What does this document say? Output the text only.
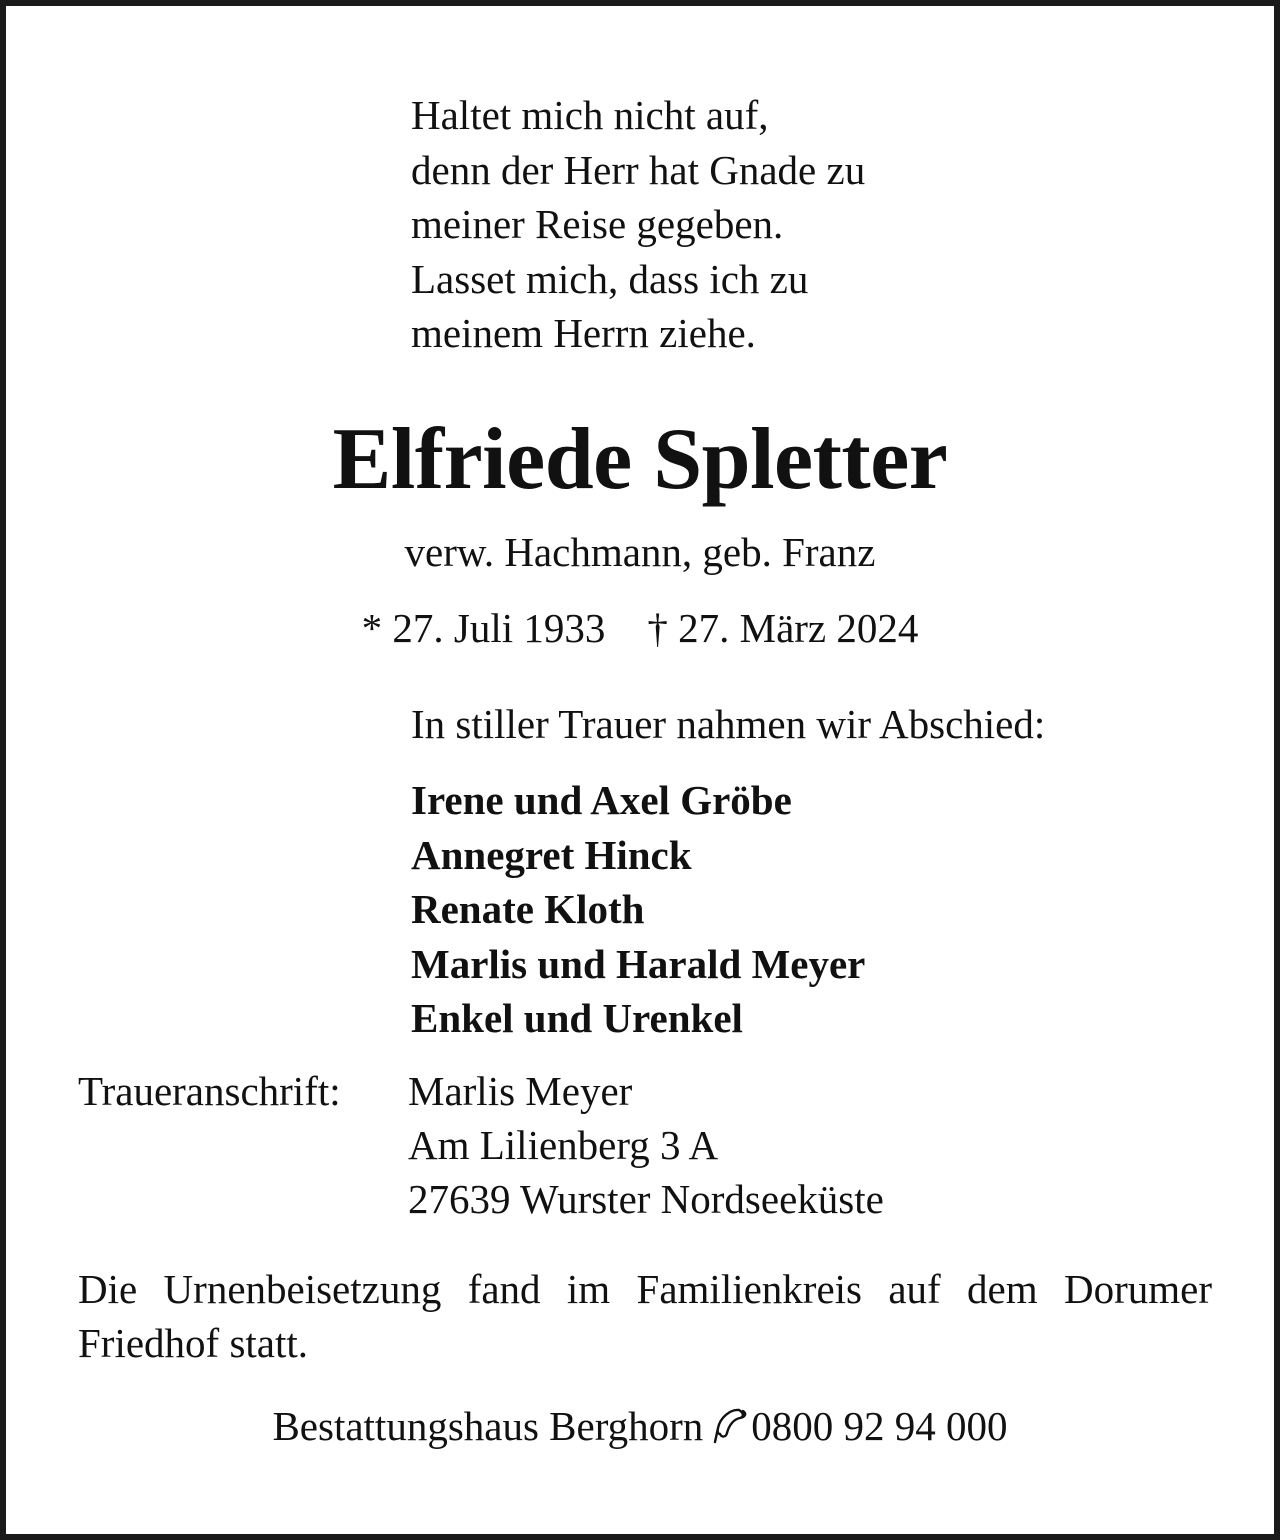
Haltet mich nicht auf,
denn der Herr hat Gnade zu
meiner Reise gegeben.
Lasset mich, dass ich zu
meinem Herrn ziehe.
Elfriede Spletter
verw. Hachmann, geb. Franz
* 27. Juli 1933 † 27. März 2024
In stiller Trauer nahmen wir Abschied:
Irene und Axel Gröbe
Annegret Hinck
Renate Kloth
Marlis und Harald Meyer
Enkel und Urenkel
Traueranschrift: Marlis Meyer
Am Lilienberg 3 A
27639 Wurster Nordseeküste
Die Urnenbeisetzung fand im Familienkreis auf dem Dorumer Friedhof statt.
Bestattungshaus Berghorn 0800 92 94 000
